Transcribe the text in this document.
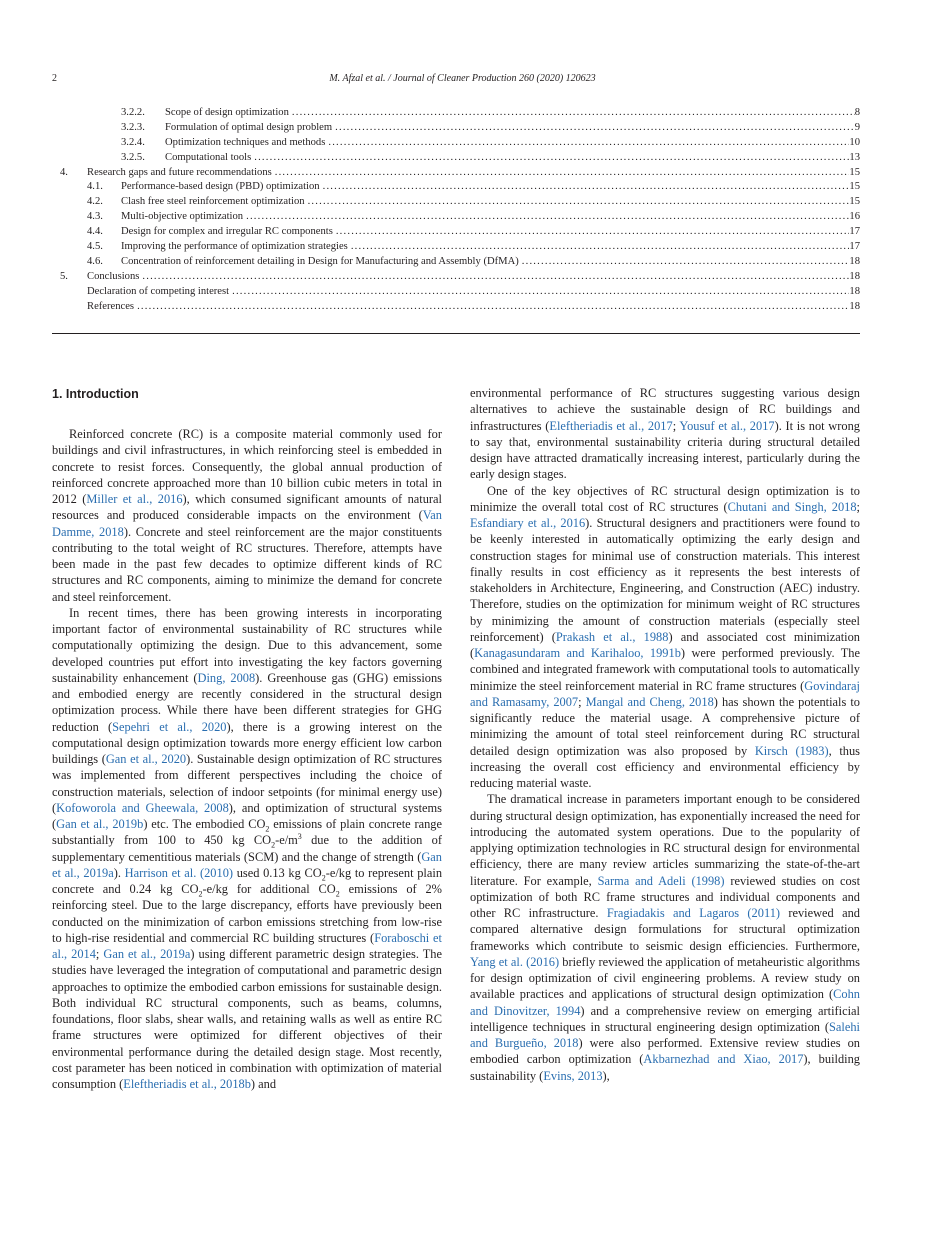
2	M. Afzal et al. / Journal of Cleaner Production 260 (2020) 120623
3.2.2.	Scope of design optimization .....	8
3.2.3.	Formulation of optimal design problem .....	9
3.2.4.	Optimization techniques and methods .....	10
3.2.5.	Computational tools .....	13
4.	Research gaps and future recommendations .....	15
4.1.	Performance-based design (PBD) optimization .....	15
4.2.	Clash free steel reinforcement optimization .....	15
4.3.	Multi-objective optimization .....	16
4.4.	Design for complex and irregular RC components .....	17
4.5.	Improving the performance of optimization strategies .....	17
4.6.	Concentration of reinforcement detailing in Design for Manufacturing and Assembly (DfMA) .....	18
5.	Conclusions .....	18
Declaration of competing interest .....	18
References .....	18
1. Introduction

Reinforced concrete (RC) is a composite material commonly used for buildings and civil infrastructures, in which reinforcing steel is embedded in concrete to resist forces. Consequently, the global annual production of reinforced concrete approached more than 10 billion cubic meters in total in 2012 (Miller et al., 2016), which consumed significant amounts of natural resources and produced considerable impacts on the environment (Van Damme, 2018). Concrete and steel reinforcement are the major constituents contributing to the total weight of RC structures. Therefore, attempts have been made in the past few decades to optimize different kinds of RC structures and RC components, aiming to minimize the demand for concrete and steel reinforcement.

In recent times, there has been growing interests in incorporating important factor of environmental sustainability of RC structures while computationally optimizing the design. Due to this advancement, some developed countries put effort into investigating the key factors governing sustainability enhancement (Ding, 2008). Greenhouse gas (GHG) emissions and embodied energy are recently considered in the structural design optimization process. While there have been different strategies for GHG reduction (Sepehri et al., 2020), there is a growing interest on the computational design optimization towards more energy efficient low carbon buildings (Gan et al., 2020). Sustainable design optimization of RC structures was implemented from different perspectives including the choice of construction materials, selection of indoor setpoints (for minimal energy use) (Kofoworola and Gheewala, 2008), and optimization of structural systems (Gan et al., 2019b) etc. The embodied $CO_2$ emissions of plain concrete range substantially from 100 to 450 kg $CO_2-e/m^3$ due to the addition of supplementary cementitious materials (SCM) and the change of strength (Gan et al., 2019a). Harrison et al. (2010) used 0.13 kg $CO_2-e/kg$ to represent plain concrete and 0.24 kg $CO_2-e/kg$ for additional $CO_2$ emissions of 2% reinforcing steel. Due to the large discrepancy, efforts have previously been conducted on the minimization of carbon emissions stretching from low-rise to high-rise residential and commercial RC building structures (Foraboschi et al., 2014; Gan et al., 2019a) using different parametric design strategies. The studies have leveraged the integration of computational and parametric design approaches to optimize the embodied carbon emissions for sustainable design. Both individual RC structural components, such as beams, columns, foundations, floor slabs, shear walls, and retaining walls as well as entire RC frame structures were optimized for different objectives of their environmental performance during the detailed design stage. Most recently, cost parameter has been noticed in combination with optimization of material consumption (Eleftheriadis et al., 2018b) and

environmental performance of RC structures suggesting various design alternatives to achieve the sustainable design of RC buildings and infrastructures (Eleftheriadis et al., 2017; Yousuf et al., 2017). It is not wrong to say that, environmental sustainability criteria during structural detailed design have attracted dramatically increasing interest, particularly during the early design stages.

One of the key objectives of RC structural design optimization is to minimize the overall total cost of RC structures (Chutani and Singh, 2018; Esfandiary et al., 2016). Structural designers and practitioners were found to be keenly interested in automatically optimizing the early design and construction stages for minimal use of construction materials. This interest finally results in cost efficiency as it represents the best interests of stakeholders in Architecture, Engineering, and Construction (AEC) industry. Therefore, studies on the optimization for minimum weight of RC structures by minimizing the amount of construction materials (especially steel reinforcement) (Prakash et al., 1988) and associated cost minimization (Kanagasundaram and Karihaloo, 1991b) were performed previously. The combined and integrated framework with computational tools to automatically minimize the steel reinforcement material in RC frame structures (Govindaraj and Ramasamy, 2007; Mangal and Cheng, 2018) has shown the potentials to significantly reduce the material usage. A comprehensive picture of minimizing the amount of total steel reinforcement during RC structural detailed design optimization was also proposed by Kirsch (1983), thus increasing the overall cost efficiency and environmental efficiency by reducing material waste.

The dramatical increase in parameters important enough to be considered during structural design optimization, has exponentially increased the need for introducing the automated system operations. Due to the popularity of applying optimization technologies in RC structural design for environmental efficiency, there are many review articles summarizing the state-of-the-art literature. For example, Sarma and Adeli (1998) reviewed studies on cost optimization of both RC frame structures and individual components and other RC infrastructure. Fragiadakis and Lagaros (2011) reviewed and compared alternative design formulations for structural optimization frameworks which contribute to seismic design efficiencies. Furthermore, Yang et al. (2016) briefly reviewed the application of metaheuristic algorithms for design optimization of civil engineering problems. A review study on available practices and applications of structural design optimization (Cohn and Dinovitzer, 1994) and a comprehensive review on emerging artificial intelligence techniques in structural engineering design optimization (Salehi and Burgueño, 2018) were also performed. Extensive review studies on embodied carbon optimization (Akbarnezhad and Xiao, 2017), building sustainability (Evins, 2013),
